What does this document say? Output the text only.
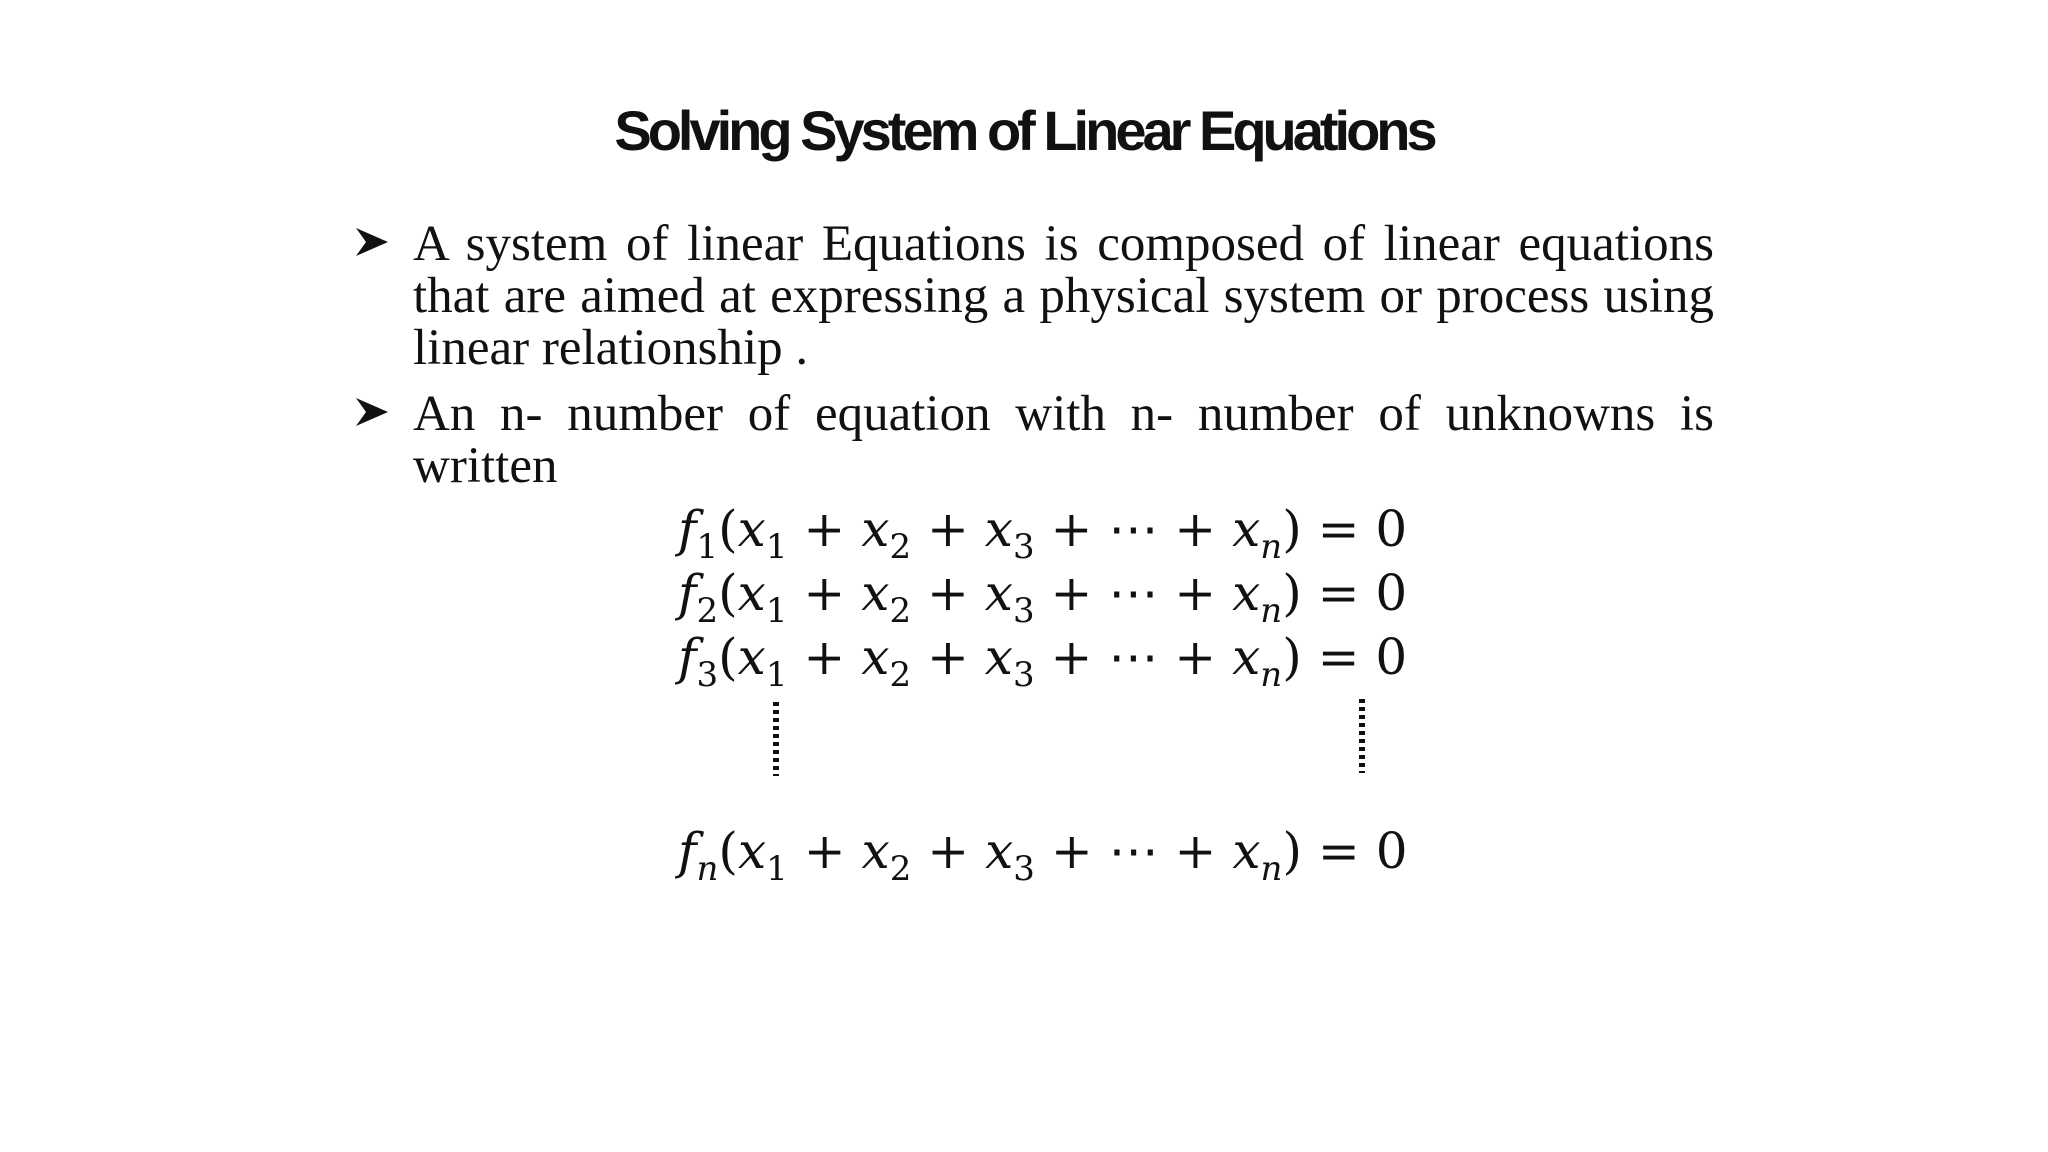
Solving System of Linear Equations
A system of linear Equations is composed of linear equations that are aimed at expressing a physical system or process using linear relationship .
An n- number of equation with n- number of unknowns is written
$f_1(x_1 + x_2 + x_3$ + ⋯ + $x_n) = 0$
$f_2(x_1 + x_2 + x_3$ + ⋯ + $x_n) = 0$
$f_3(x_1 + x_2 + x_3$ + ⋯ + $x_n) = 0$
$f_n(x_1 + x_2 + x_3$ + ⋯ + $x_n) = 0$
